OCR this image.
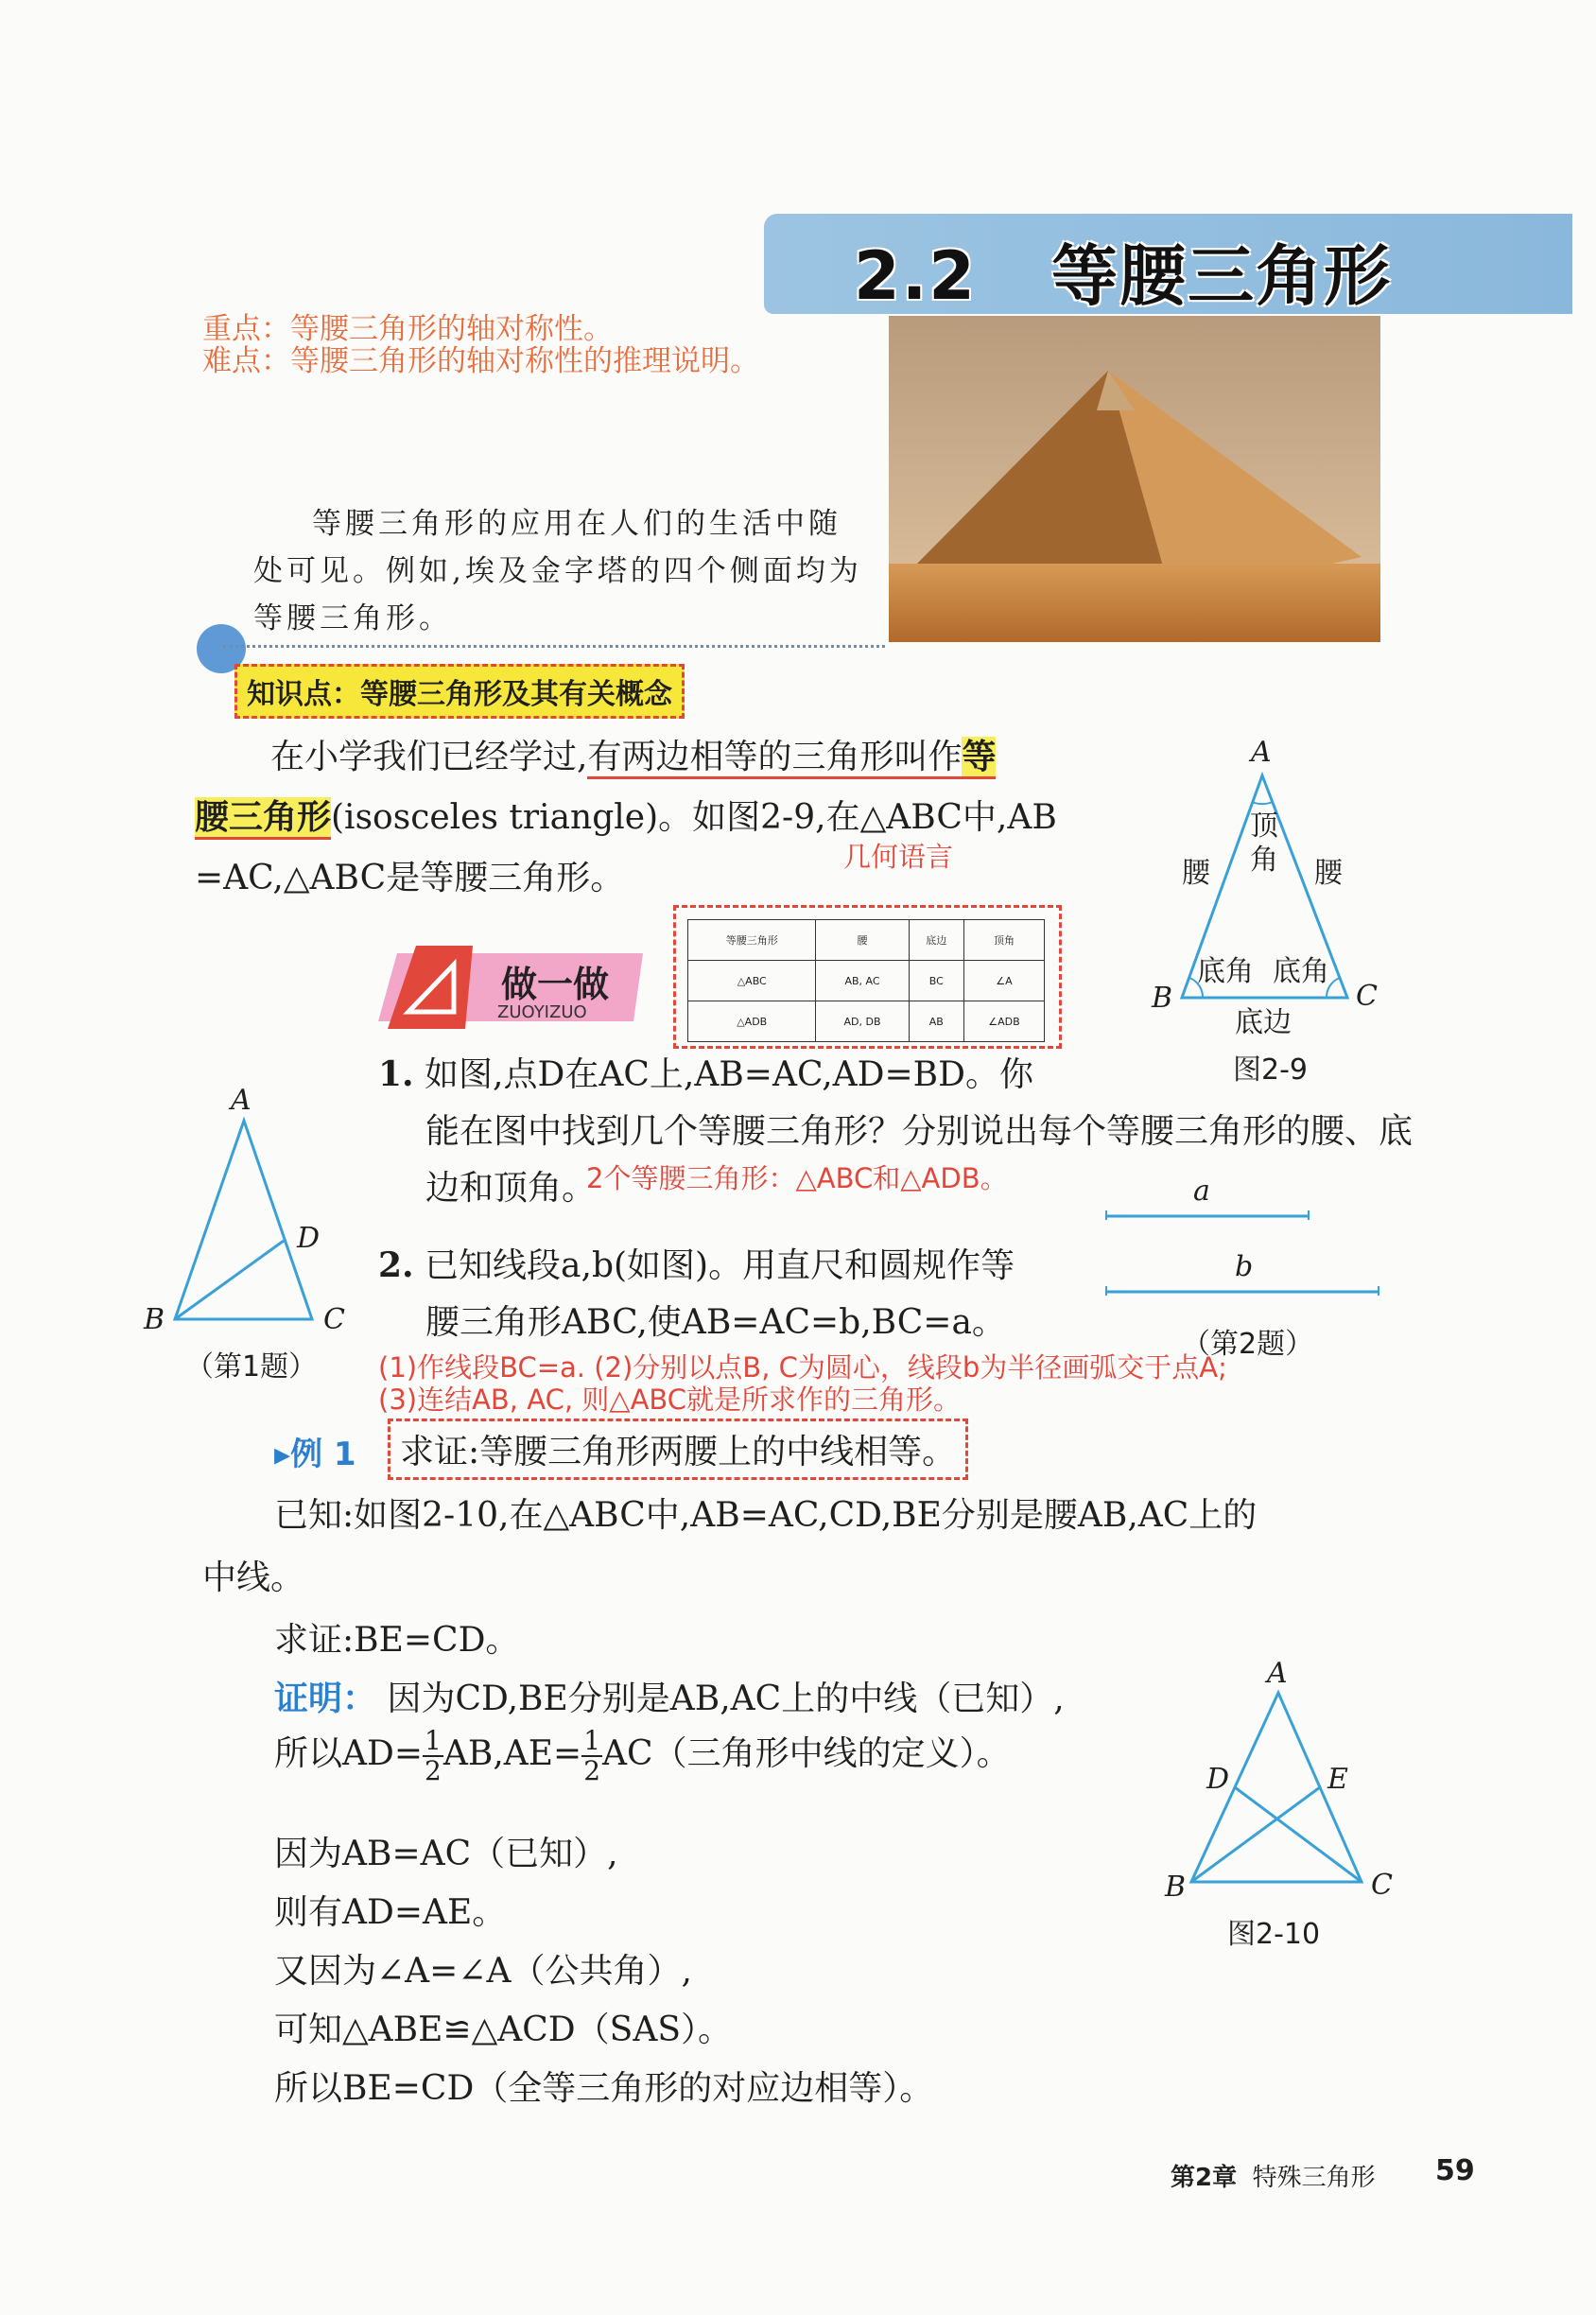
2.2 等腰三角形
重点：等腰三角形的轴对称性。
难点：等腰三角形的轴对称性的推理说明。
等腰三角形的应用在人们的生活中随
处可见。例如,埃及金字塔的四个侧面均为
等腰三角形。
知识点：等腰三角形及其有关概念
在小学我们已经学过,有两边相等的三角形叫作等
腰三角形(isosceles triangle)。如图2-9,在△ABC中,AB
=AC,△ABC是等腰三角形。
几何语言
A
B	C
顶
角
腰	腰
底角 底角
底边
图2-9
等腰三角形	腰	底边	顶角
△ABC	AB, AC	BC	∠A
△ADB	AD, DB	AB	∠ADB
做一做
ZUOYIZUO
1. 如图,点D在AC上,AB=AC,AD=BD。你
能在图中找到几个等腰三角形？分别说出每个等腰三角形的腰、底
边和顶角。
2个等腰三角形：△ABC和△ADB。
A
B	C
D
（第1题）
2. 已知线段a,b(如图)。用直尺和圆规作等
腰三角形ABC,使AB=AC=b,BC=a。
(1)作线段BC=a. (2)分别以点B, C为圆心，线段b为半径画弧交于点A;
(3)连结AB, AC, 则△ABC就是所求作的三角形。
a
b
（第2题）
▸例 1	求证:等腰三角形两腰上的中线相等。
已知:如图2-10,在△ABC中,AB=AC,CD,BE分别是腰AB,AC上的
中线。
求证:BE=CD。
证明： 因为CD,BE分别是AB,AC上的中线（已知）,
所以$AD= \frac{1}{2} AB,AE= \frac{1}{2} AC$（三角形中线的定义）。
因为AB=AC（已知）,
则有AD=AE。
又因为∠A=∠A（公共角）,
可知△ABE≌△ACD（SAS）。
所以BE=CD（全等三角形的对应边相等）。
A
B	C
D	E
图2-10
第2章 特殊三角形 59
